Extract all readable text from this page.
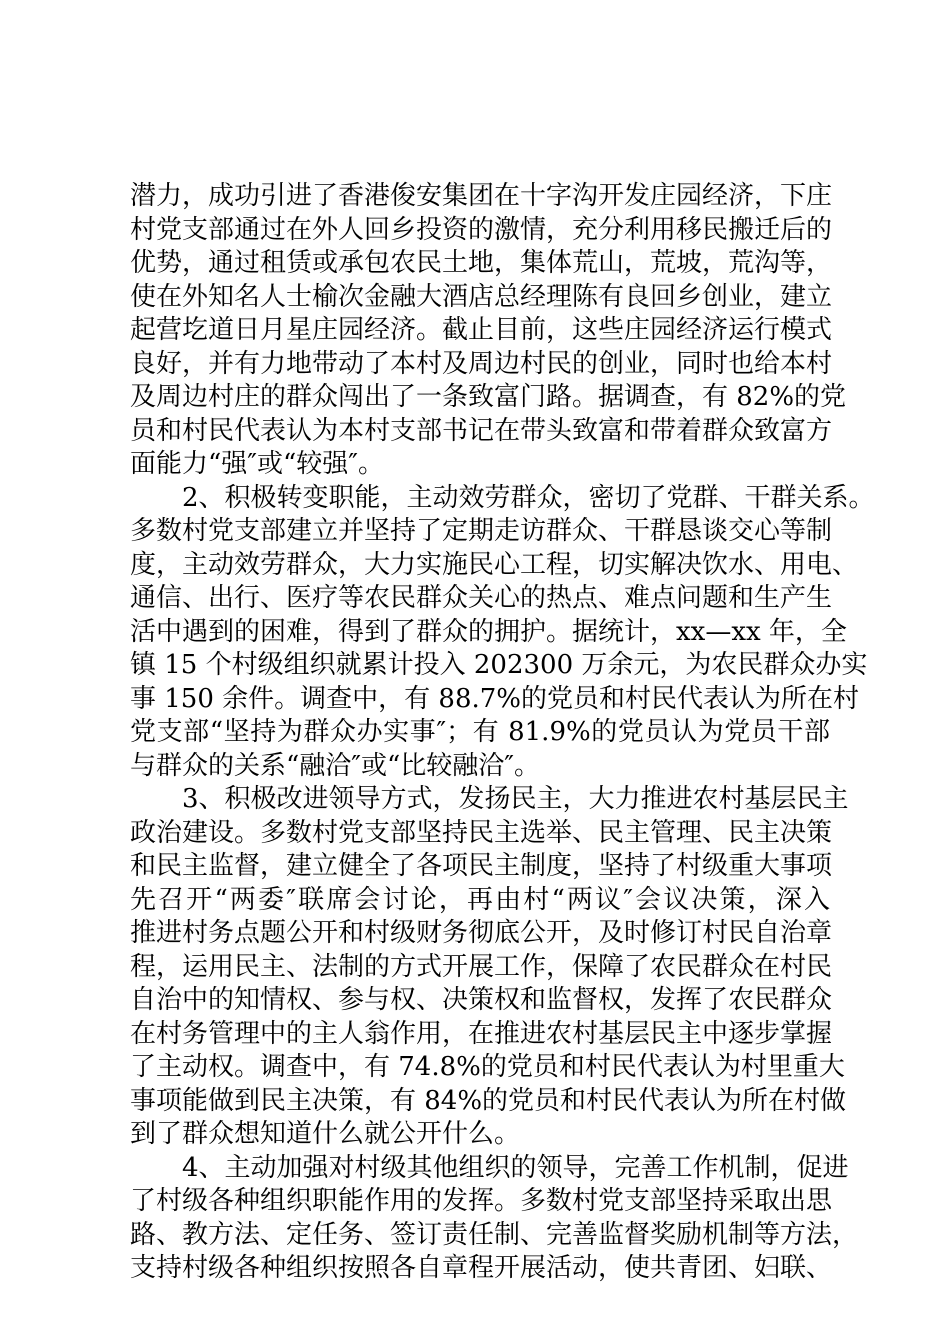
潜力，成功引进了香港俊安集团在十字沟开发庄园经济，下庄
村党支部通过在外人回乡投资的激情，充分利用移民搬迁后的
优势，通过租赁或承包农民土地，集体荒山，荒坡，荒沟等，
使在外知名人士榆次金融大酒店总经理陈有良回乡创业，建立
起营圪道日月星庄园经济。截止目前，这些庄园经济运行模式
良好，并有力地带动了本村及周边村民的创业，同时也给本村
及周边村庄的群众闯出了一条致富门路。据调查，有 82%的党
员和村民代表认为本村支部书记在带头致富和带着群众致富方
面能力“强″或“较强″。
2、积极转变职能，主动效劳群众，密切了党群、干群关系。
多数村党支部建立并坚持了定期走访群众、干群恳谈交心等制
度，主动效劳群众，大力实施民心工程，切实解决饮水、用电、
通信、出行、医疗等农民群众关心的热点、难点问题和生产生
活中遇到的困难，得到了群众的拥护。据统计，xx—xx 年，全
镇 15 个村级组织就累计投入 202300 万余元，为农民群众办实
事 150 余件。调查中，有 88.7%的党员和村民代表认为所在村
党支部“坚持为群众办实事″；有 81.9%的党员认为党员干部
与群众的关系“融洽″或“比较融洽″。
3、积极改进领导方式，发扬民主，大力推进农村基层民主
政治建设。多数村党支部坚持民主选举、民主管理、民主决策
和民主监督，建立健全了各项民主制度，坚持了村级重大事项
先召开“两委″联席会讨论，再由村“两议″会议决策，深入
推进村务点题公开和村级财务彻底公开，及时修订村民自治章
程，运用民主、法制的方式开展工作，保障了农民群众在村民
自治中的知情权、参与权、决策权和监督权，发挥了农民群众
在村务管理中的主人翁作用，在推进农村基层民主中逐步掌握
了主动权。调查中，有 74.8%的党员和村民代表认为村里重大
事项能做到民主决策，有 84%的党员和村民代表认为所在村做
到了群众想知道什么就公开什么。
4、主动加强对村级其他组织的领导，完善工作机制，促进
了村级各种组织职能作用的发挥。多数村党支部坚持采取出思
路、教方法、定任务、签订责任制、完善监督奖励机制等方法，
支持村级各种组织按照各自章程开展活动，使共青团、妇联、
